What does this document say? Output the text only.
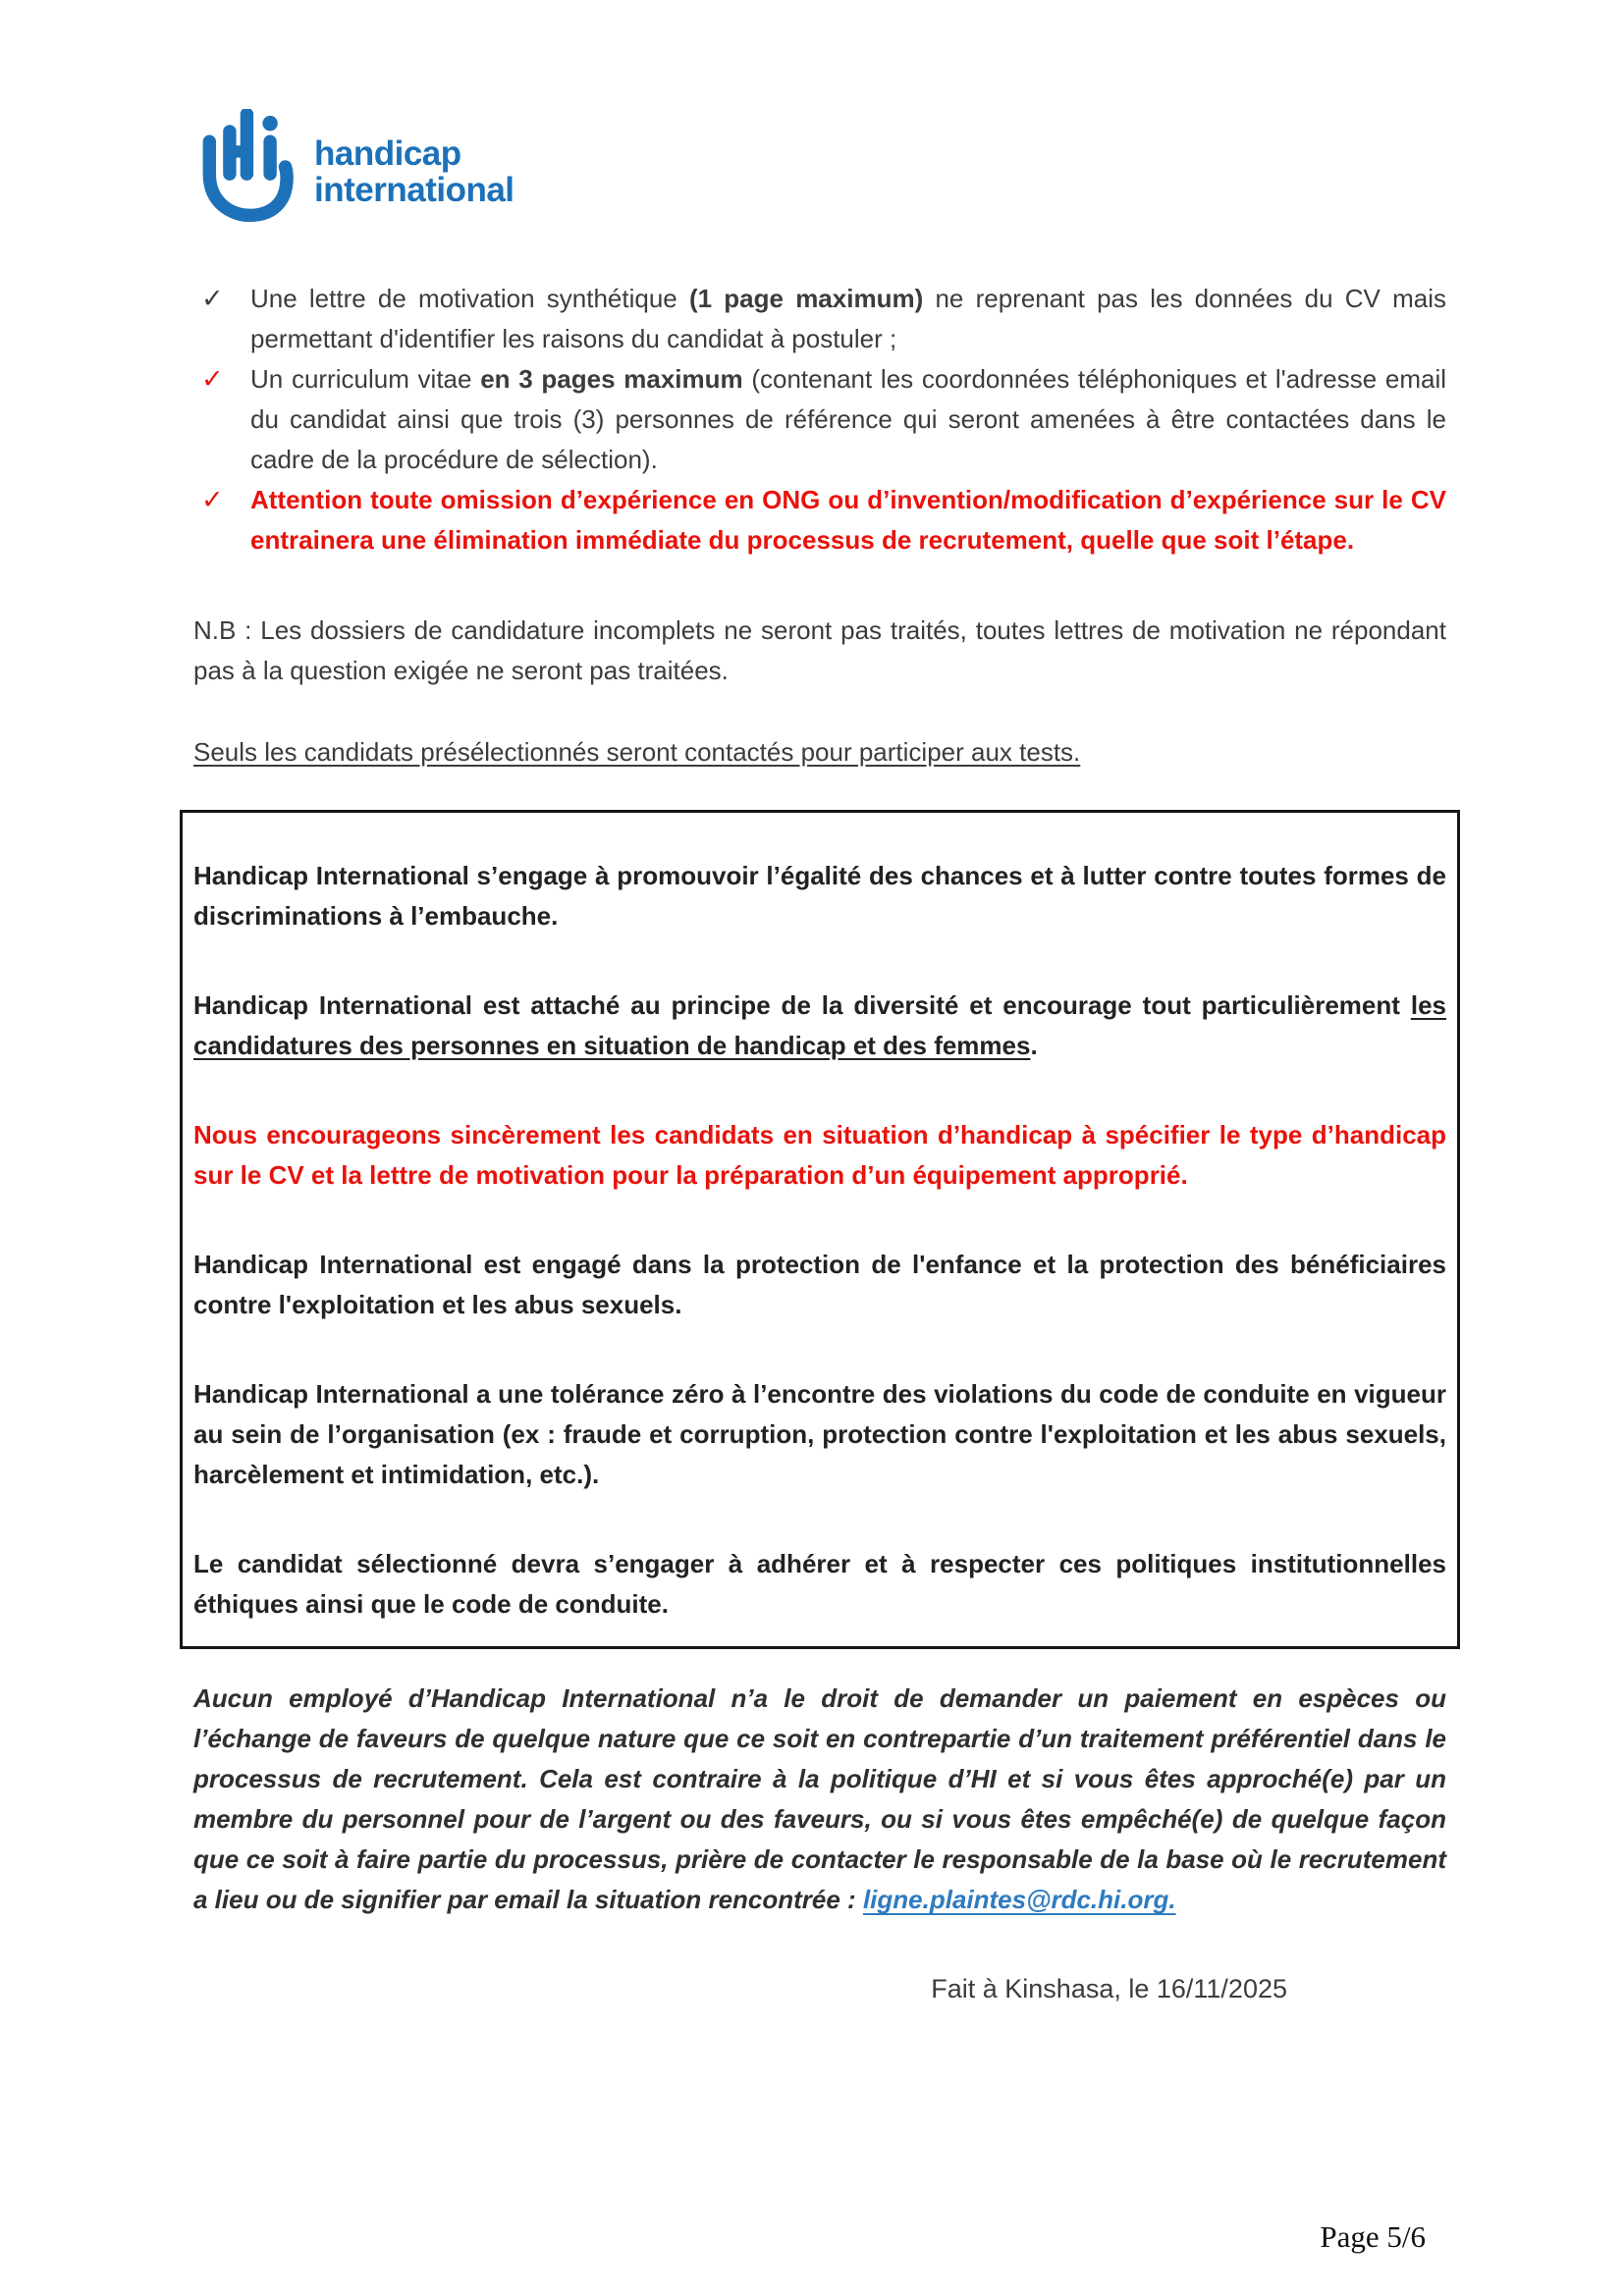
handicap
international
✓	Une lettre de motivation synthétique (1 page maximum) ne reprenant pas les données du CV mais permettant d'identifier les raisons du candidat à postuler ;

✓	Un curriculum vitae en 3 pages maximum (contenant les coordonnées téléphoniques et l'adresse email du candidat ainsi que trois (3) personnes de référence qui seront amenées à être contactées dans le cadre de la procédure de sélection).

✓	Attention toute omission d’expérience en ONG ou d’invention/modification d’expérience sur le CV entrainera une élimination immédiate du processus de recrutement, quelle que soit l’étape.

N.B : Les dossiers de candidature incomplets ne seront pas traités, toutes lettres de motivation ne répondant pas à la question exigée ne seront pas traitées.

Seuls les candidats présélectionnés seront contactés pour participer aux tests.

Handicap International s’engage à promouvoir l’égalité des chances et à lutter contre toutes formes de discriminations à l’embauche.

Handicap International est attaché au principe de la diversité et encourage tout particulièrement les candidatures des personnes en situation de handicap et des femmes.

Nous encourageons sincèrement les candidats en situation d’handicap à spécifier le type d’handicap sur le CV et la lettre de motivation pour la préparation d’un équipement approprié.

Handicap International est engagé dans la protection de l'enfance et la protection des bénéficiaires contre l'exploitation et les abus sexuels.

Handicap International a une tolérance zéro à l’encontre des violations du code de conduite en vigueur au sein de l’organisation (ex : fraude et corruption, protection contre l'exploitation et les abus sexuels, harcèlement et intimidation, etc.).

Le candidat sélectionné devra s’engager à adhérer et à respecter ces politiques institutionnelles éthiques ainsi que le code de conduite.

Aucun employé d’Handicap International n’a le droit de demander un paiement en espèces ou l’échange de faveurs de quelque nature que ce soit en contrepartie d’un traitement préférentiel dans le processus de recrutement. Cela est contraire à la politique d’HI et si vous êtes approché(e) par un membre du personnel pour de l’argent ou des faveurs, ou si vous êtes empêché(e) de quelque façon que ce soit à faire partie du processus, prière de contacter le responsable de la base où le recrutement a lieu ou de signifier par email la situation rencontrée : ligne.plaintes@rdc.hi.org.

Fait à Kinshasa, le 16/11/2025

Page 5/6
